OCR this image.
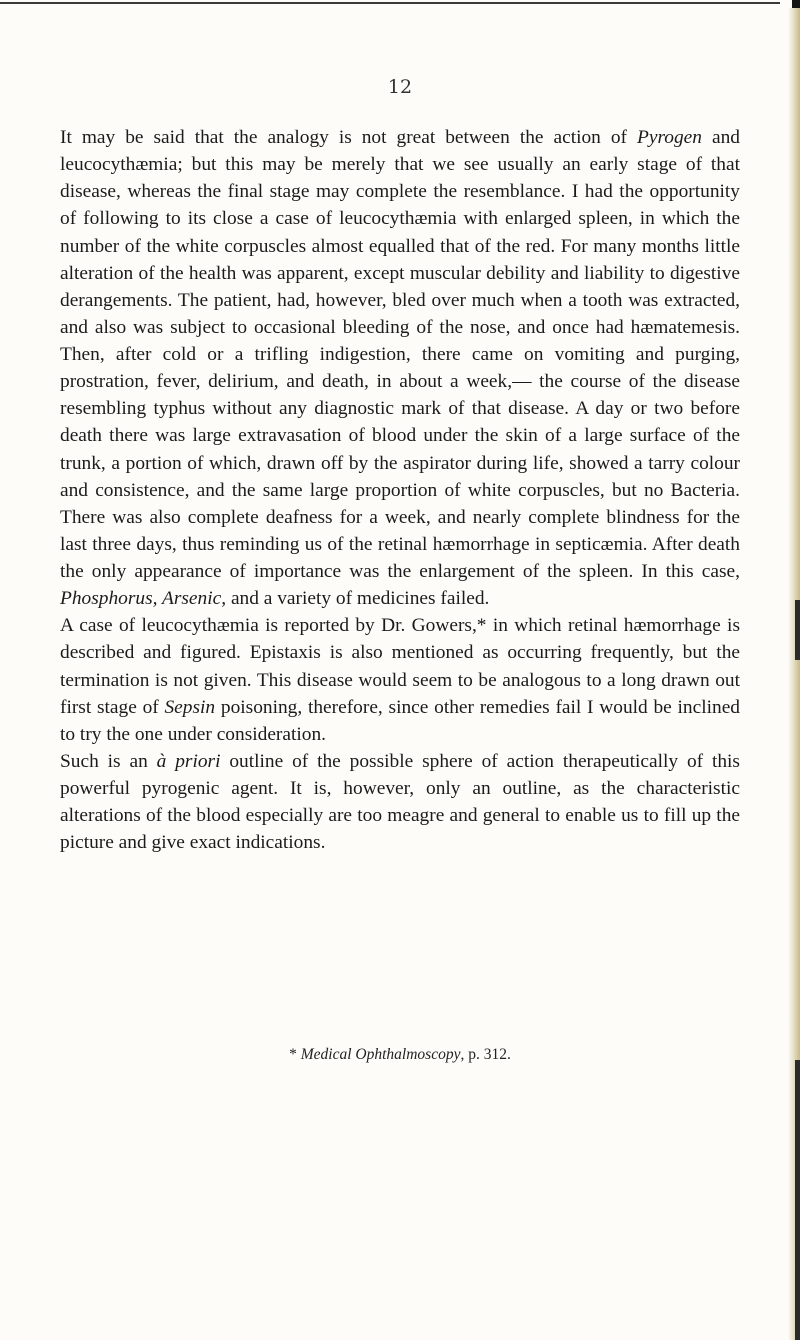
12

It may be said that the analogy is not great between the action of Pyrogen and leucocythæmia; but this may be merely that we see usually an early stage of that disease, whereas the final stage may complete the resemblance. I had the opportunity of following to its close a case of leucocythæmia with enlarged spleen, in which the number of the white corpuscles almost equalled that of the red. For many months little alteration of the health was apparent, except muscular debility and liability to digestive derangements. The patient, had, however, bled over much when a tooth was extracted, and also was subject to occasional bleeding of the nose, and once had hæmatemesis. Then, after cold or a trifling indigestion, there came on vomiting and purging, prostration, fever, delirium, and death, in about a week,— the course of the disease resembling typhus without any diagnostic mark of that disease. A day or two before death there was large extravasation of blood under the skin of a large surface of the trunk, a portion of which, drawn off by the aspirator during life, showed a tarry colour and consistence, and the same large proportion of white corpuscles, but no Bacteria. There was also complete deafness for a week, and nearly complete blindness for the last three days, thus reminding us of the retinal hæmorrhage in septicæmia. After death the only appearance of importance was the enlargement of the spleen. In this case, Phosphorus, Arsenic, and a variety of medicines failed.

A case of leucocythæmia is reported by Dr. Gowers,* in which retinal hæmorrhage is described and figured. Epistaxis is also mentioned as occurring frequently, but the termination is not given. This disease would seem to be analogous to a long drawn out first stage of Sepsin poisoning, therefore, since other remedies fail I would be inclined to try the one under consideration.

Such is an à priori outline of the possible sphere of action therapeutically of this powerful pyrogenic agent. It is, however, only an outline, as the characteristic alterations of the blood especially are too meagre and general to enable us to fill up the picture and give exact indications.

* Medical Ophthalmoscopy, p. 312.
